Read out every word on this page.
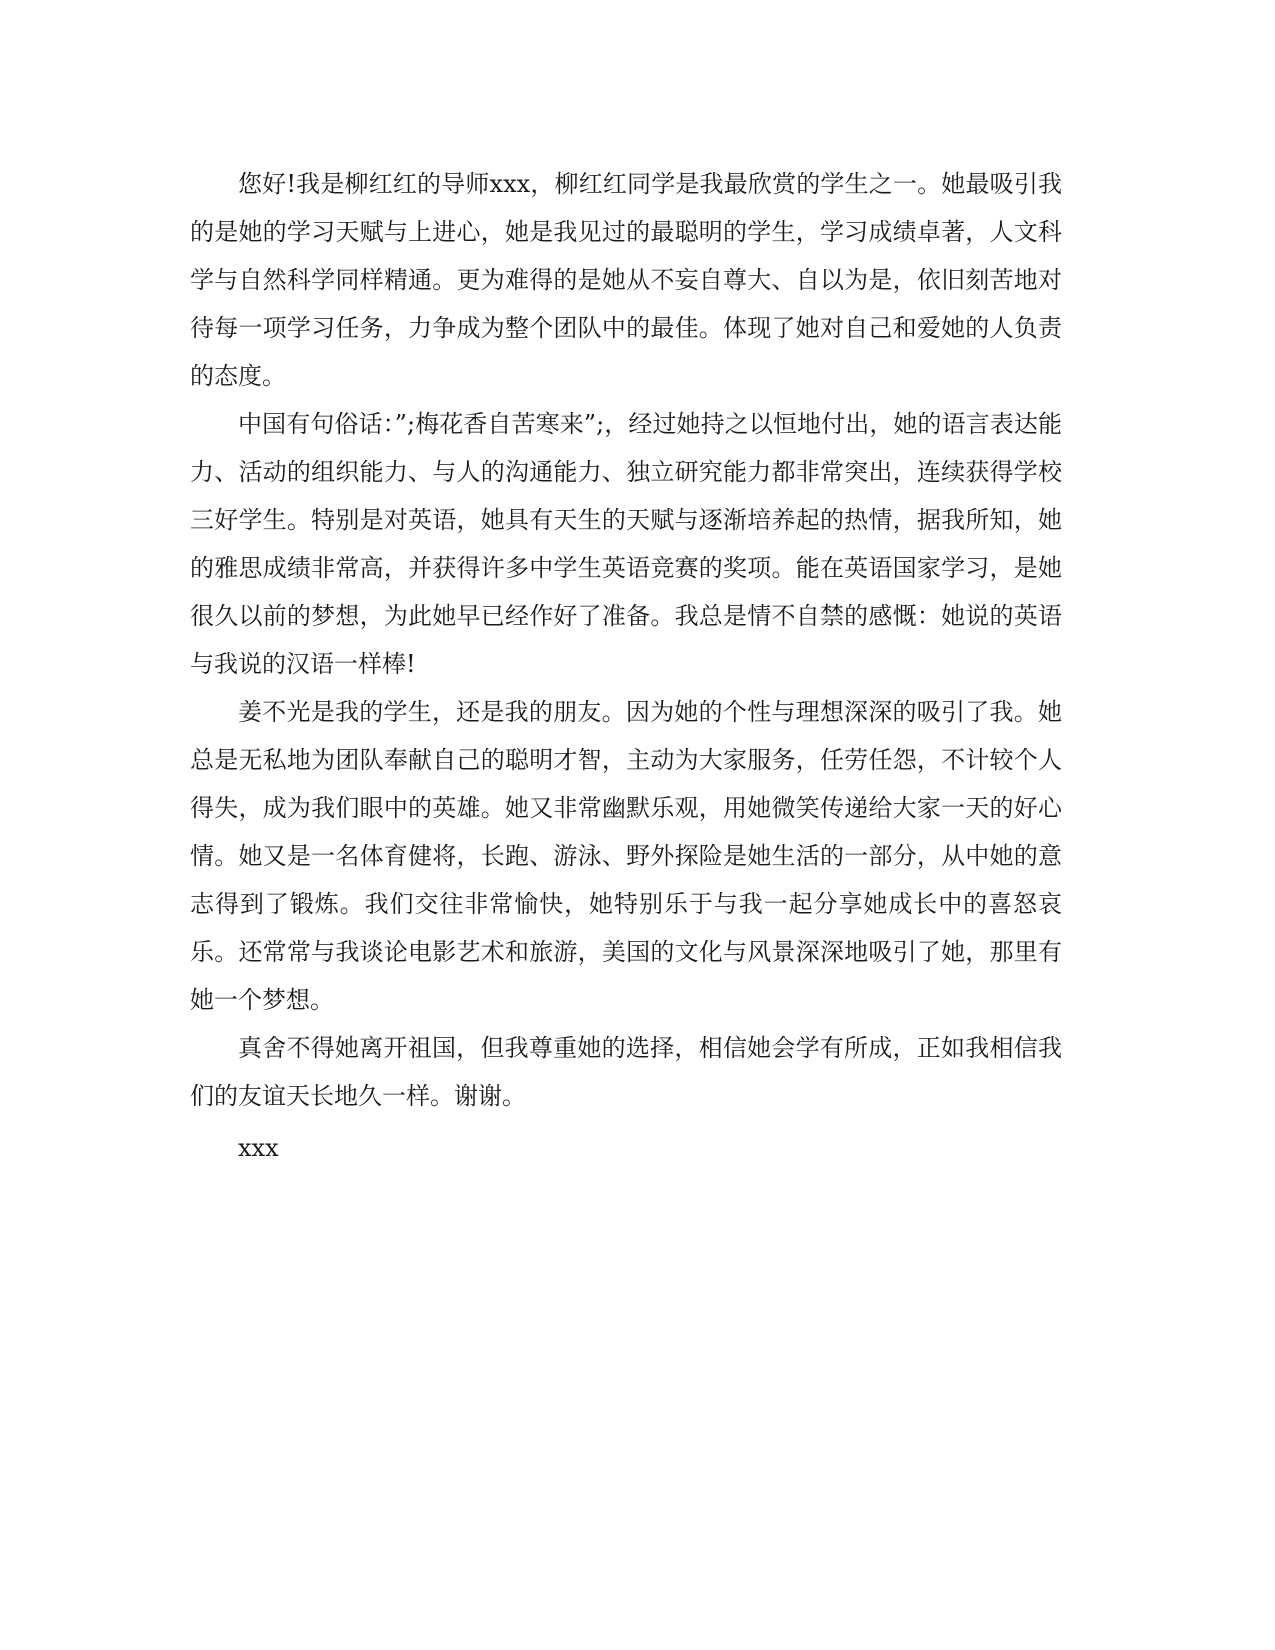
您好!我是柳红红的导师xxx，柳红红同学是我最欣赏的学生之一。她最吸引我的是她的学习天赋与上进心，她是我见过的最聪明的学生，学习成绩卓著，人文科学与自然科学同样精通。更为难得的是她从不妄自尊大、自以为是，依旧刻苦地对待每一项学习任务，力争成为整个团队中的最佳。体现了她对自己和爱她的人负责的态度。

中国有句俗话：”;梅花香自苦寒来”;，经过她持之以恒地付出，她的语言表达能力、活动的组织能力、与人的沟通能力、独立研究能力都非常突出，连续获得学校三好学生。特别是对英语，她具有天生的天赋与逐渐培养起的热情，据我所知，她的雅思成绩非常高，并获得许多中学生英语竞赛的奖项。能在英语国家学习，是她很久以前的梦想，为此她早已经作好了准备。我总是情不自禁的感慨：她说的英语与我说的汉语一样棒!

姜不光是我的学生，还是我的朋友。因为她的个性与理想深深的吸引了我。她总是无私地为团队奉献自己的聪明才智，主动为大家服务，任劳任怨，不计较个人得失，成为我们眼中的英雄。她又非常幽默乐观，用她微笑传递给大家一天的好心情。她又是一名体育健将，长跑、游泳、野外探险是她生活的一部分，从中她的意志得到了锻炼。我们交往非常愉快，她特别乐于与我一起分享她成长中的喜怒哀乐。还常常与我谈论电影艺术和旅游，美国的文化与风景深深地吸引了她，那里有她一个梦想。

真舍不得她离开祖国，但我尊重她的选择，相信她会学有所成，正如我相信我们的友谊天长地久一样。谢谢。

xxx
